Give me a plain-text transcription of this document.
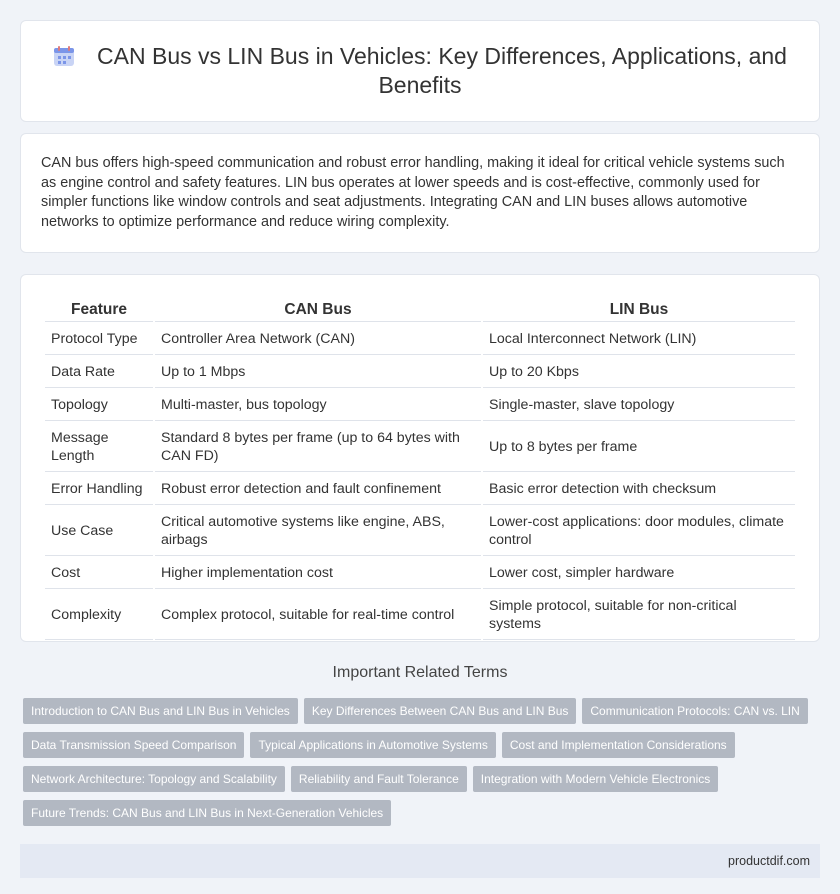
CAN Bus vs LIN Bus in Vehicles: Key Differences, Applications, and Benefits

CAN bus offers high-speed communication and robust error handling, making it ideal for critical vehicle systems such as engine control and safety features. LIN bus operates at lower speeds and is cost-effective, commonly used for simpler functions like window controls and seat adjustments. Integrating CAN and LIN buses allows automotive networks to optimize performance and reduce wiring complexity.

Feature	CAN Bus	LIN Bus
Protocol Type	Controller Area Network (CAN)	Local Interconnect Network (LIN)
Data Rate	Up to 1 Mbps	Up to 20 Kbps
Topology	Multi-master, bus topology	Single-master, slave topology
Message Length	Standard 8 bytes per frame (up to 64 bytes with CAN FD)	Up to 8 bytes per frame
Error Handling	Robust error detection and fault confinement	Basic error detection with checksum
Use Case	Critical automotive systems like engine, ABS, airbags	Lower-cost applications: door modules, climate control
Cost	Higher implementation cost	Lower cost, simpler hardware
Complexity	Complex protocol, suitable for real-time control	Simple protocol, suitable for non-critical systems
Important Related Terms
Introduction to CAN Bus and LIN Bus in Vehicles	Key Differences Between CAN Bus and LIN Bus	Communication Protocols: CAN vs. LIN
Data Transmission Speed Comparison	Typical Applications in Automotive Systems	Cost and Implementation Considerations
Network Architecture: Topology and Scalability	Reliability and Fault Tolerance	Integration with Modern Vehicle Electronics
Future Trends: CAN Bus and LIN Bus in Next-Generation Vehicles
productdif.com
